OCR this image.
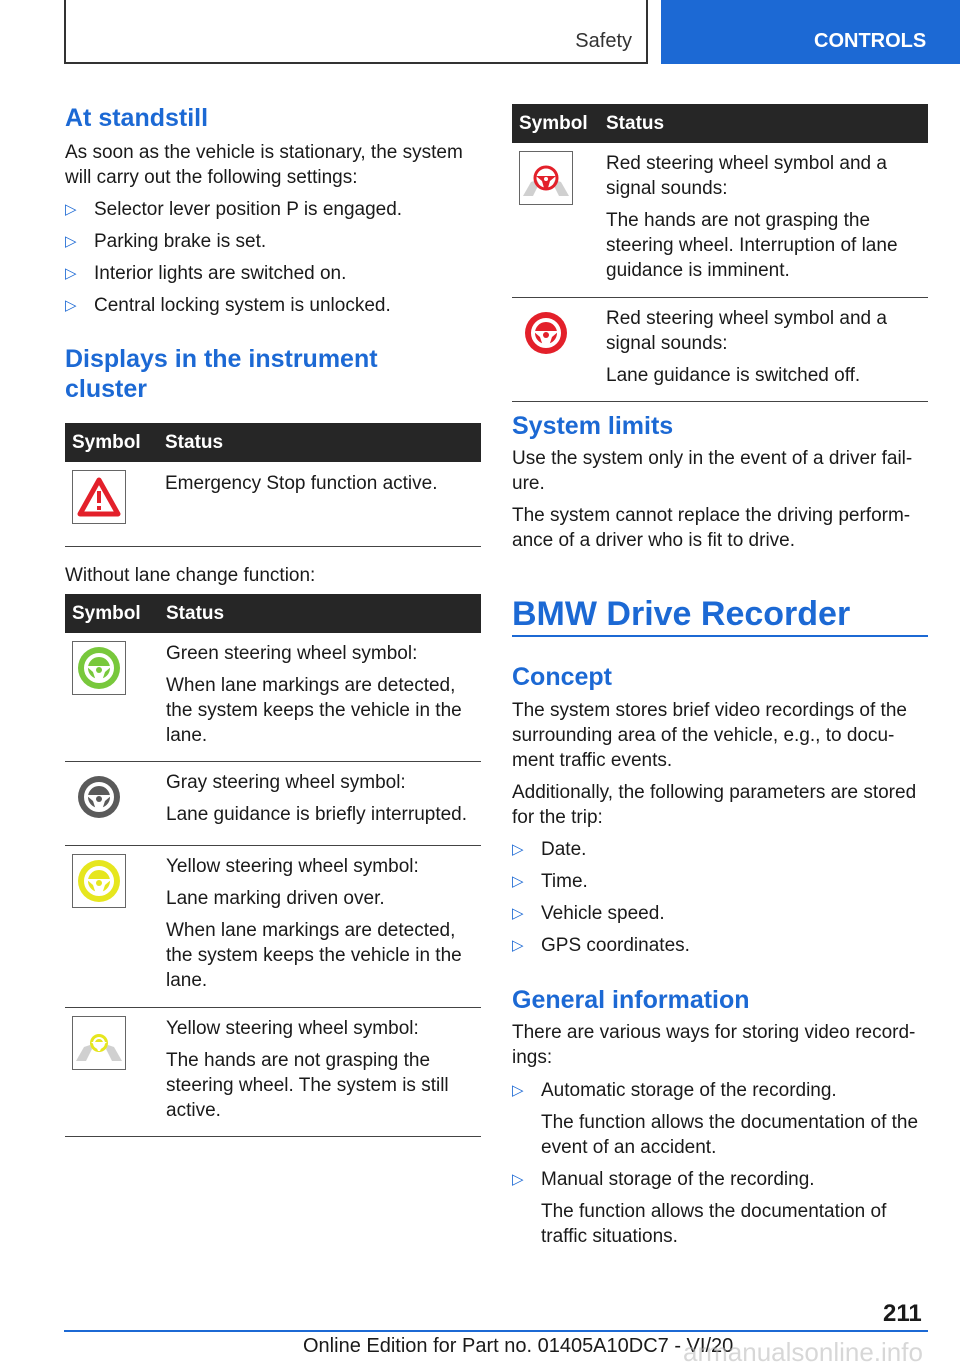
Safety	CONTROLS
At standstill

As soon as the vehicle is stationary, the system will carry out the following settings:

▷ Selector lever position P is engaged.
▷ Parking brake is set.
▷ Interior lights are switched on.
▷ Central locking system is unlocked.
Displays in the instrument cluster
Symbol	Status

	Emergency Stop function active.

Without lane change function:

Symbol	Status

Green steering wheel symbol:
When lane markings are detected, the system keeps the vehicle in the lane.

Gray steering wheel symbol:
Lane guidance is briefly interrupted.

Yellow steering wheel symbol:
Lane marking driven over.
When lane markings are detected, the system keeps the vehicle in the lane.

Yellow steering wheel symbol:
The hands are not grasping the steering wheel. The system is still active.
Symbol	Status

Red steering wheel symbol and a signal sounds:
The hands are not grasping the steering wheel. Interruption of lane guidance is imminent.

Red steering wheel symbol and a signal sounds:
Lane guidance is switched off.
System limits

Use the system only in the event of a driver fail-ure.

The system cannot replace the driving perform-ance of a driver who is fit to drive.

BMW Drive Recorder
Concept

The system stores brief video recordings of the surrounding area of the vehicle, e.g., to docu-ment traffic events.

Additionally, the following parameters are stored for the trip:

▷ Date.
▷ Time.
▷ Vehicle speed.
▷ GPS coordinates.
General information

There are various ways for storing video record-ings:

▷ Automatic storage of the recording.
The function allows the documentation of the event of an accident.
▷ Manual storage of the recording.
The function allows the documentation of traffic situations.
211
Online Edition for Part no. 01405A10DC7 - VI/20
armanualsonline.info
